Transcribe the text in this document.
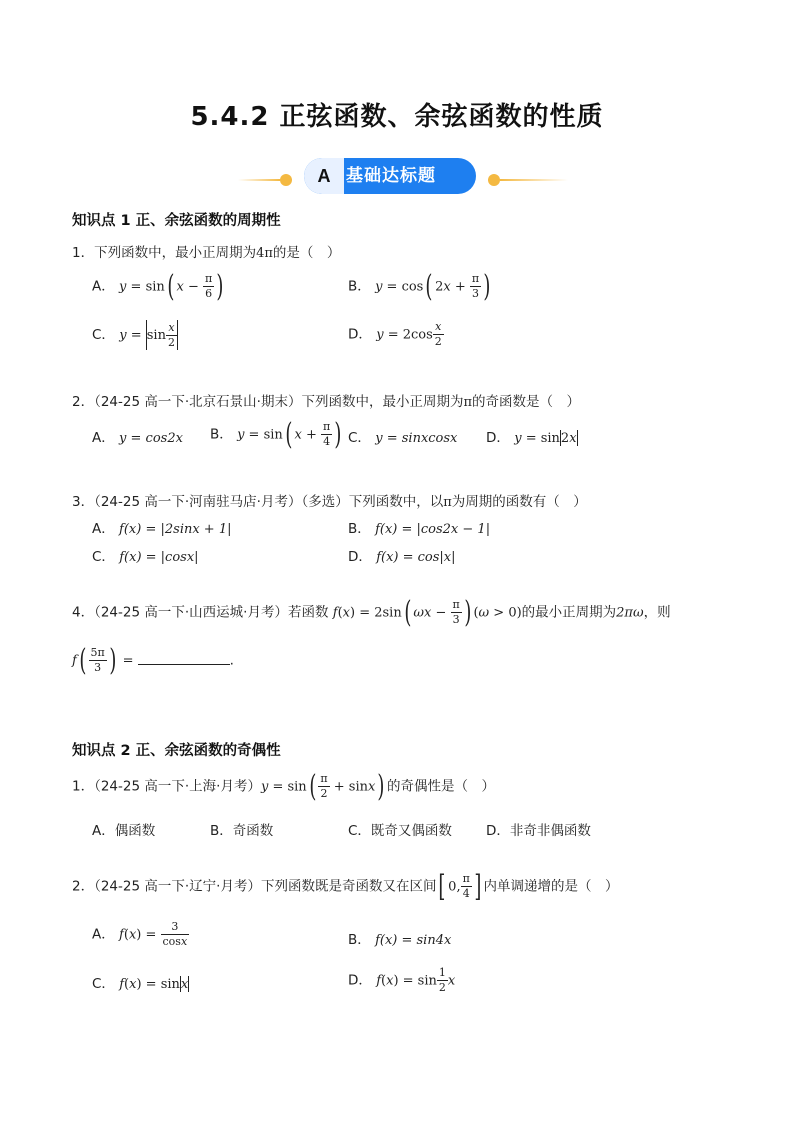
5.4.2 正弦函数、余弦函数的性质
A 基础达标题
知识点 1 正、余弦函数的周期性
1．下列函数中，最小正周期为4π的是（　）
A． y = sin( $x - \frac{\pi}{6}$ )	B． y = cos( $2x + \frac{\pi}{3}$ )
C． $y = \sin \frac{x}{2}$	D． $y = 2\cos \frac{x}{2}$
2．（24-25 高一下·北京石景山·期末）下列函数中，最小正周期为π的奇函数是（　）
A． y = cos2x B． y = sin( $x + \frac{\pi}{4}$ ) C． y = sinxcosx D． y = sin2x
3．（24-25 高一下·河南驻马店·月考）（多选）下列函数中，以π为周期的函数有（　）
A． f(x) = |2sinx + 1|	B． f(x) = |cos2x − 1|
C． f(x) = |cosx|	D． f(x) = cos|x|
4．（24-25 高一下·山西运城·月考）若函数 f(x) = 2sin( $\omega x - \frac{\pi}{3}$ ) (ω > 0)的最小正周期为2πω，则
$f( \frac{5\pi}{3}$ ) =	.
知识点 2 正、余弦函数的奇偶性
1．（24-25 高一下·上海·月考）$y = \sin( \frac{\pi}{2} + \sin x)$ 的奇偶性是（　）
A．偶函数	B．奇函数	C．既奇又偶函数	D．非奇非偶函数
2．（24-25 高一下·辽宁·月考）下列函数既是奇函数又在区间[ 0, $\frac{\pi}{4}$ ] 内单调递增的是（　）
A． $f(x) = \frac{3}{\cos x}$	B． f(x) = sin4x
C． f(x) = sinx	D． $f(x) = \sin \frac{1}{2}$ x
